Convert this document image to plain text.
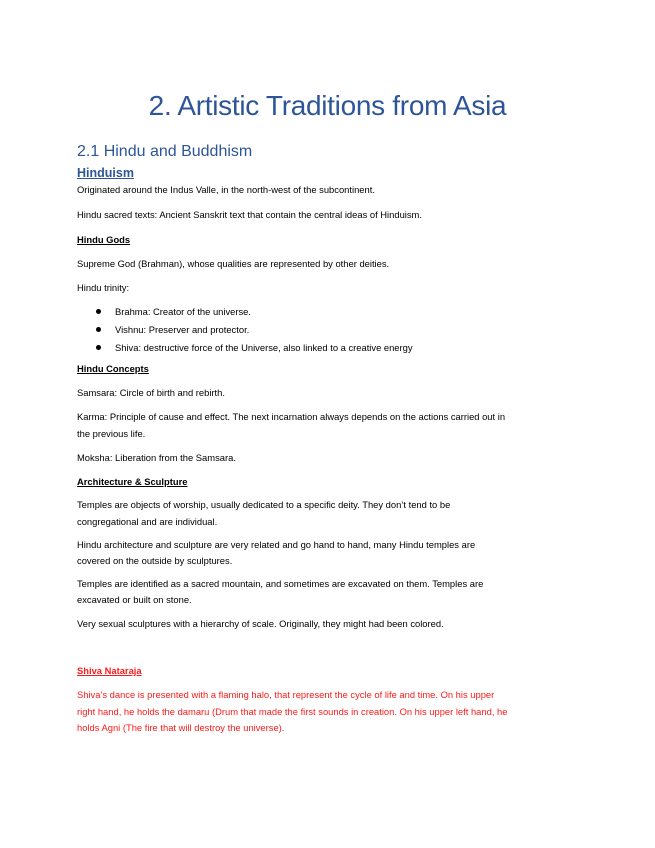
2. Artistic Traditions from Asia
2.1 Hindu and Buddhism
Hinduism

Originated around the Indus Valle, in the north-west of the subcontinent.

Hindu sacred texts: Ancient Sanskrit text that contain the central ideas of Hinduism.

Hindu Gods

Supreme God (Brahman), whose qualities are represented by other deities.

Hindu trinity:

Brahma: Creator of the universe.
Vishnu: Preserver and protector.
Shiva: destructive force of the Universe, also linked to a creative energy
Hindu Concepts

Samsara: Circle of birth and rebirth.

Karma: Principle of cause and effect. The next incarnation always depends on the actions carried out in

the previous life.

Moksha: Liberation from the Samsara.

Architecture & Sculpture

Temples are objects of worship, usually dedicated to a specific deity. They don’t tend to be

congregational and are individual.

Hindu architecture and sculpture are very related and go hand to hand, many Hindu temples are

covered on the outside by sculptures.

Temples are identified as a sacred mountain, and sometimes are excavated on them. Temples are

excavated or built on stone.

Very sexual sculptures with a hierarchy of scale. Originally, they might had been colored.

Shiva Nataraja

Shiva’s dance is presented with a flaming halo, that represent the cycle of life and time. On his upper

right hand, he holds the damaru (Drum that made the first sounds in creation. On his upper left hand, he

holds Agni (The fire that will destroy the universe).
